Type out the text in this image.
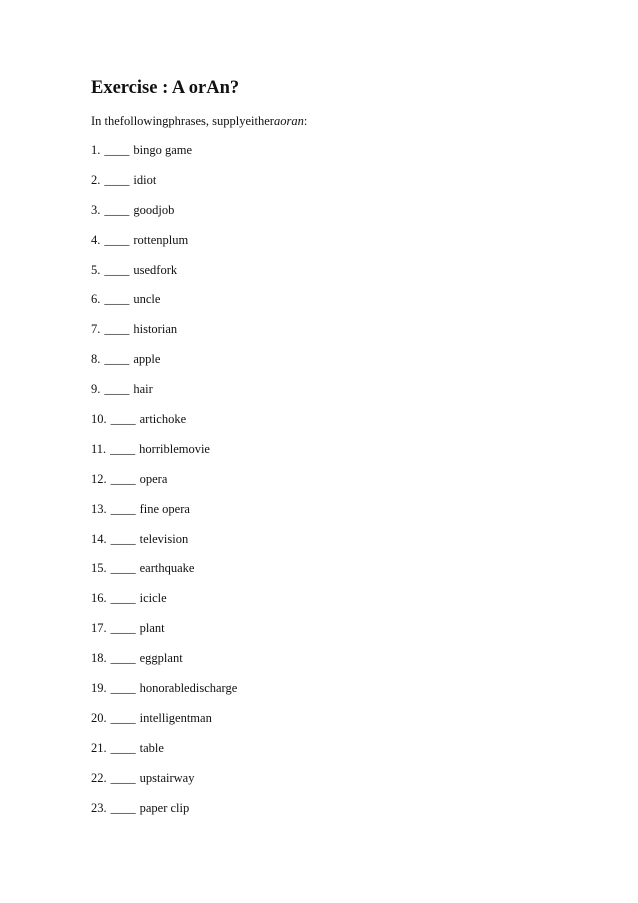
Exercise : A orAn?
In thefollowingphrases, supplyeitheraoran:
1. ____ bingo game
2. ____ idiot
3. ____ goodjob
4. ____ rottenplum
5. ____ usedfork
6. ____ uncle
7. ____ historian
8. ____ apple
9. ____ hair
10. ____ artichoke
11. ____ horriblemovie
12. ____ opera
13. ____ fine opera
14. ____ television
15. ____ earthquake
16. ____ icicle
17. ____ plant
18. ____ eggplant
19. ____ honorabledischarge
20. ____ intelligentman
21. ____ table
22. ____ upstairway
23. ____ paper clip
